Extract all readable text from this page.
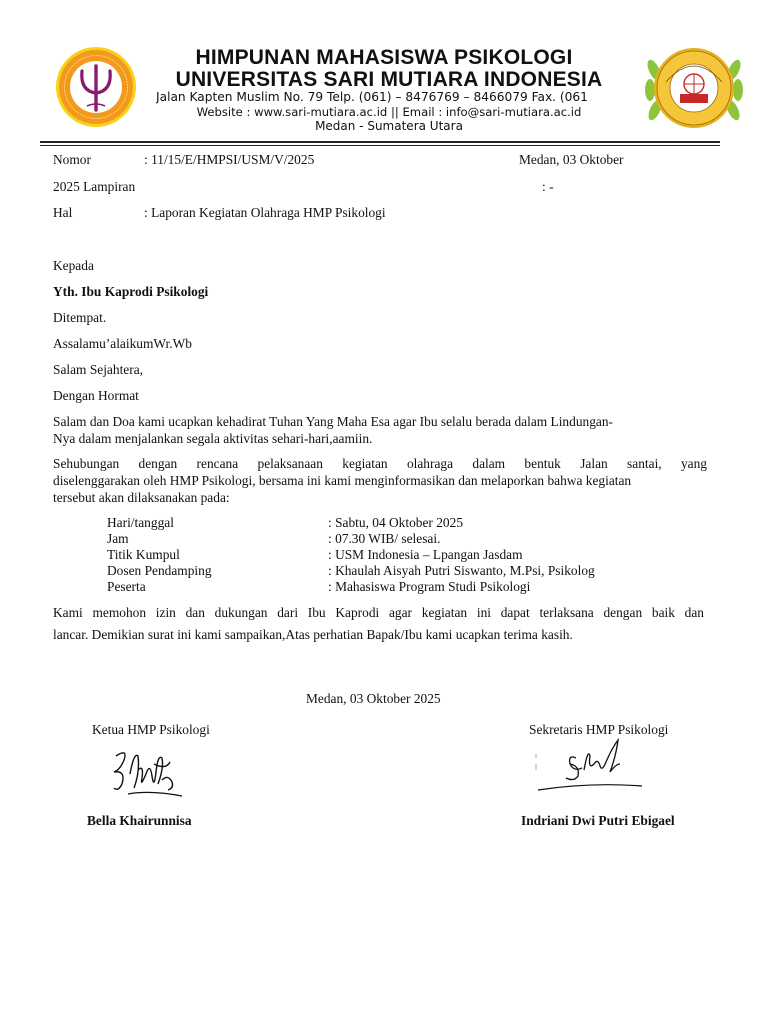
HIMPUNAN MAHASISWA PSIKOLOGI
UNIVERSITAS SARI MUTIARA INDONESIA
Jalan Kapten Muslim No. 79 Telp. (061) – 8476769 – 8466079 Fax. (061
Website : www.sari-mutiara.ac.id || Email : info@sari-mutiara.ac.id
Medan - Sumatera Utara
Nomor	: 11/15/E/HMPSI/USM/V/2025	Medan, 03 Oktober
2025 Lampiran	: -
Hal	: Laporan Kegiatan Olahraga HMP Psikologi
Kepada
Yth. Ibu Kaprodi Psikologi
Ditempat.
Assalamu’alaikumWr.Wb
Salam Sejahtera,
Dengan Hormat
Salam dan Doa kami ucapkan kehadirat Tuhan Yang Maha Esa agar Ibu selalu berada dalam Lindungan-
Nya dalam menjalankan segala aktivitas sehari-hari,aamiin.
Sehubungan dengan rencana pelaksanaan kegiatan olahraga dalam bentuk Jalan santai, yang
diselenggarakan oleh HMP Psikologi, bersama ini kami menginformasikan dan melaporkan bahwa kegiatan
tersebut akan dilaksanakan pada:
Hari/tanggal	: Sabtu, 04 Oktober 2025
Jam	: 07.30 WIB/ selesai.
Titik Kumpul	: USM Indonesia – Lpangan Jasdam
Dosen Pendamping	: Khaulah Aisyah Putri Siswanto, M.Psi, Psikolog
Peserta	: Mahasiswa Program Studi Psikologi
Kami memohon izin dan dukungan dari Ibu Kaprodi agar kegiatan ini dapat terlaksana dengan baik dan
lancar. Demikian surat ini kami sampaikan,Atas perhatian Bapak/Ibu kami ucapkan terima kasih.
Medan, 03 Oktober 2025
Ketua HMP Psikologi
Bella Khairunnisa
Sekretaris HMP Psikologi
Indriani Dwi Putri Ebigael
